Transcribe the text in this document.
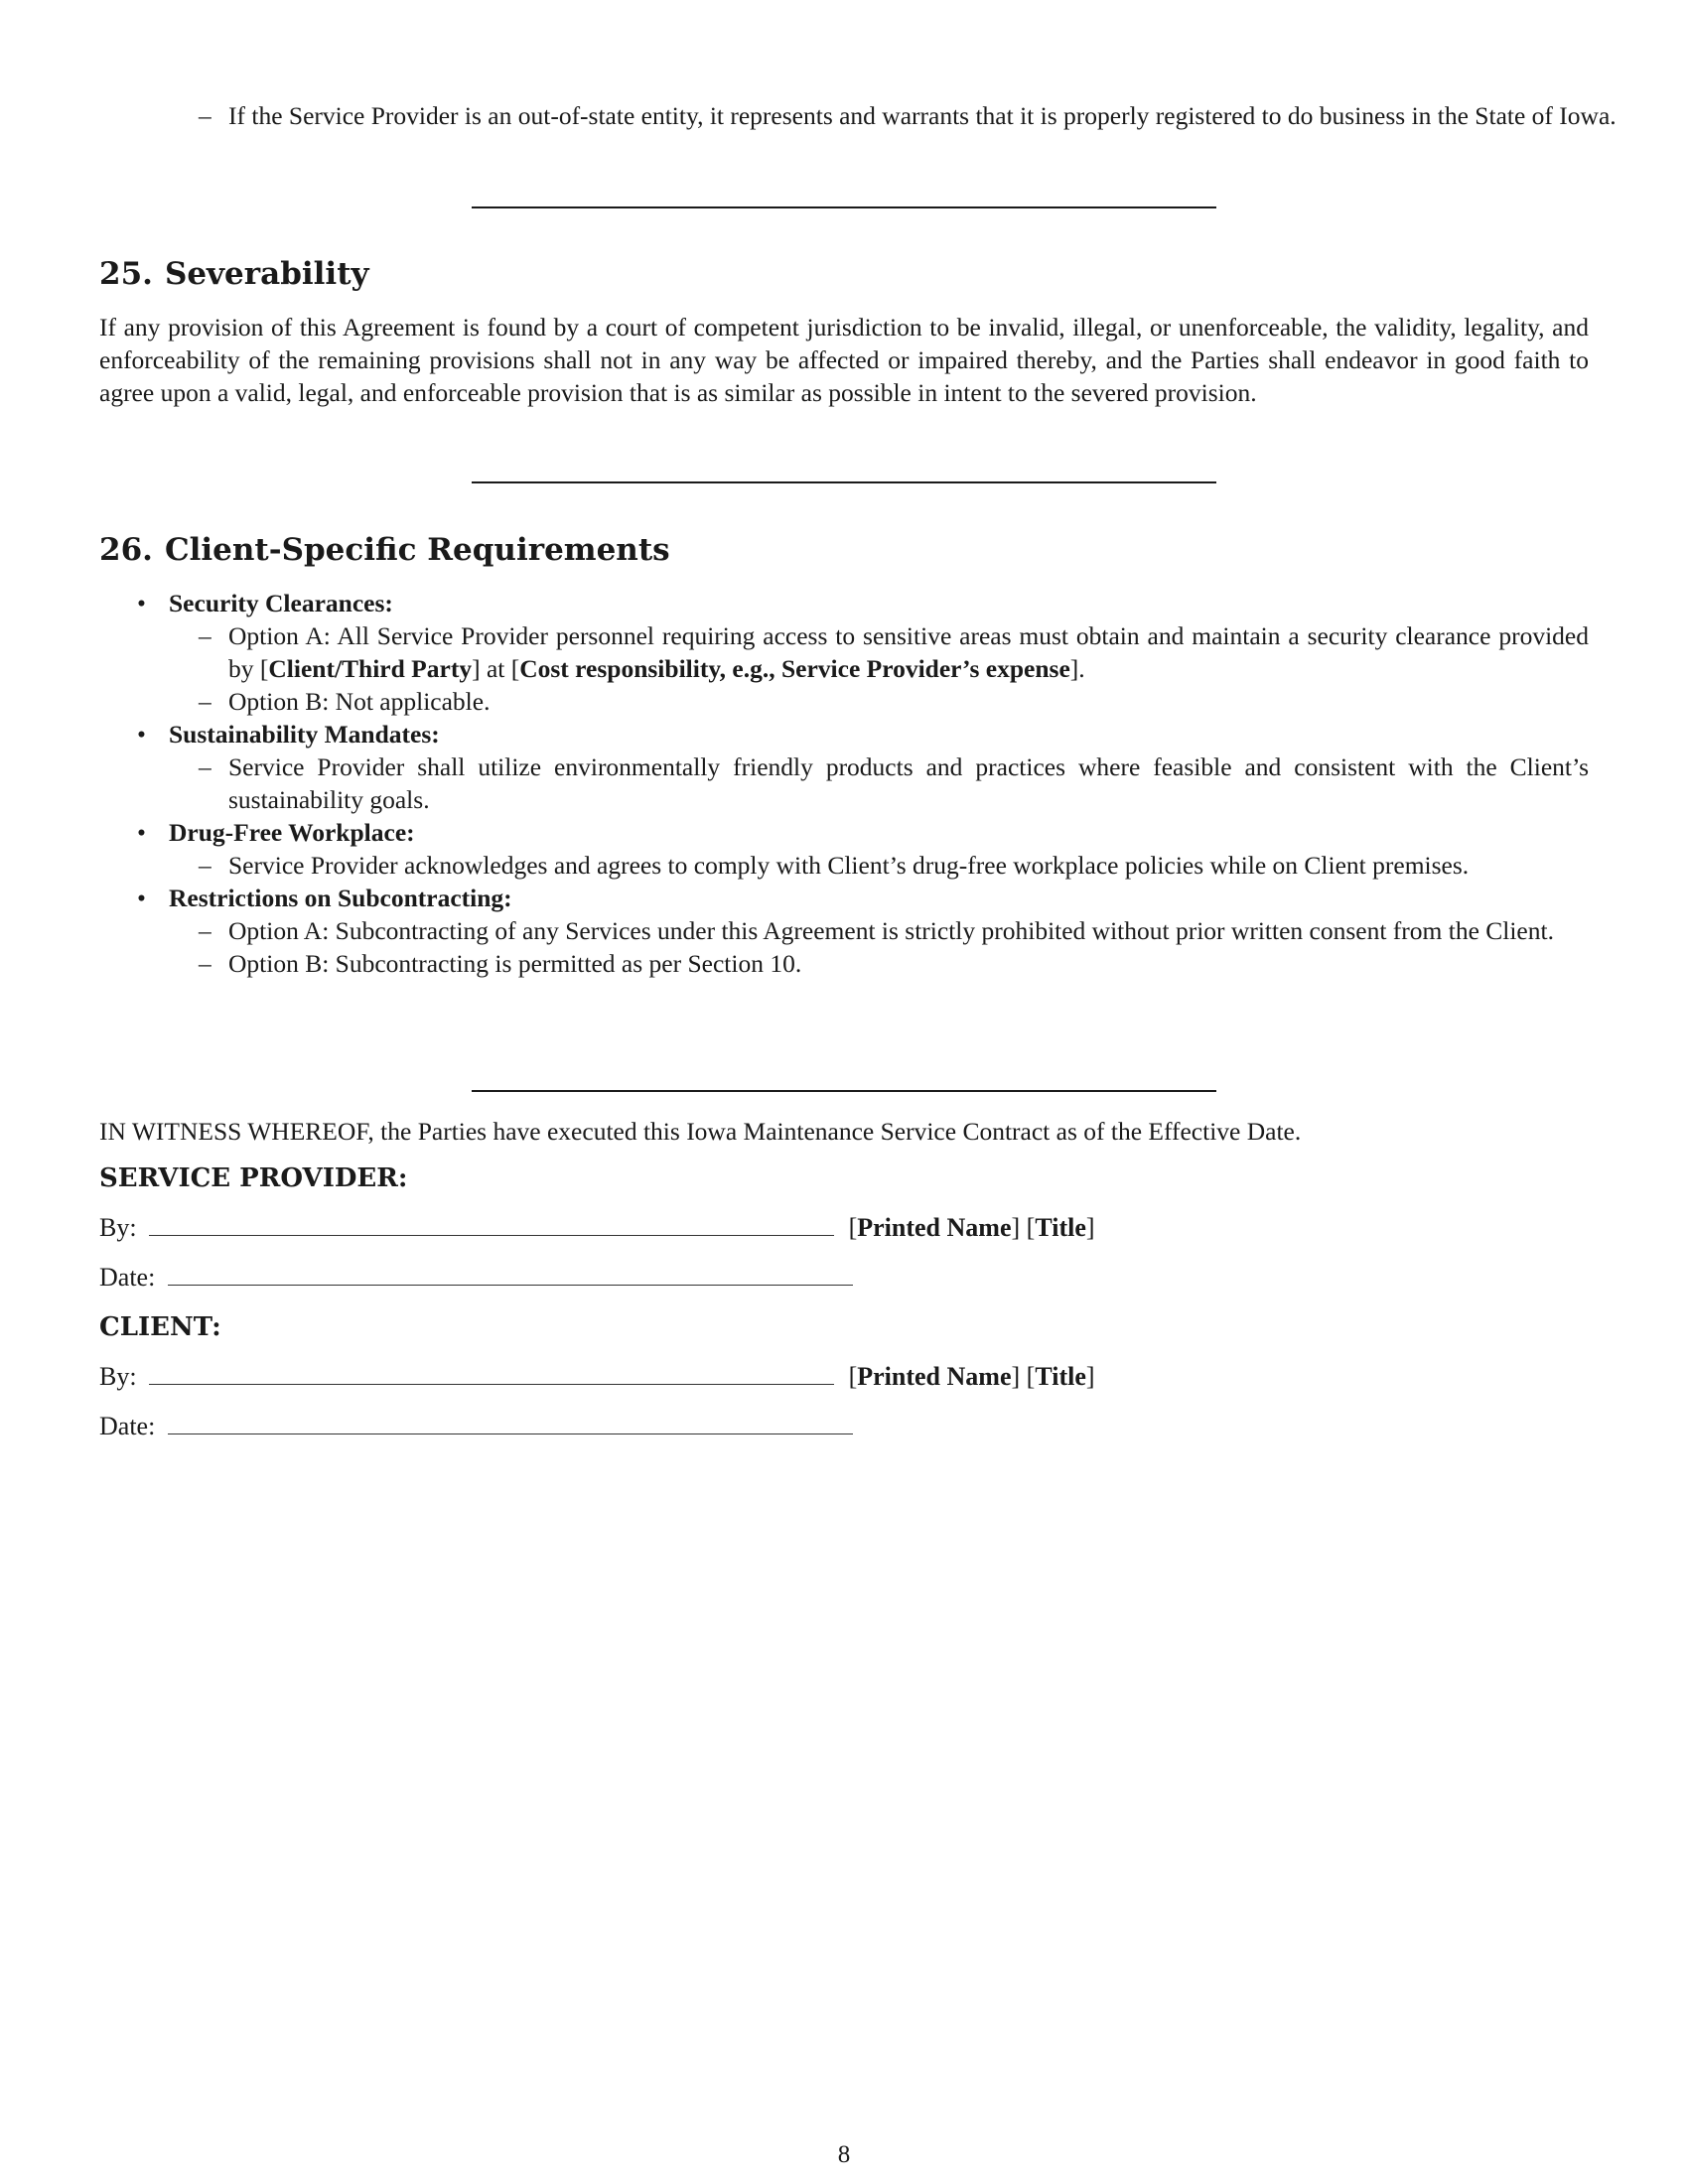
– If the Service Provider is an out-of-state entity, it represents and warrants that it is properly registered to do business in the State of Iowa.
25. Severability

If any provision of this Agreement is found by a court of competent jurisdiction to be invalid, illegal, or unenforceable, the validity, legality, and enforceability of the remaining provisions shall not in any way be affected or impaired thereby, and the Parties shall endeavor in good faith to agree upon a valid, legal, and enforceable provision that is as similar as possible in intent to the severed provision.

26. Client-Specific Requirements
• Security Clearances:
– Option A: All Service Provider personnel requiring access to sensitive areas must obtain and maintain a security clearance provided by [Client/Third Party] at [Cost responsibility, e.g., Service Provider’s expense].
– Option B: Not applicable.
• Sustainability Mandates:
– Service Provider shall utilize environmentally friendly products and practices where feasible and consistent with the Client’s sustainability goals.
• Drug-Free Workplace:
– Service Provider acknowledges and agrees to comply with Client’s drug-free workplace policies while on Client premises.
• Restrictions on Subcontracting:
– Option A: Subcontracting of any Services under this Agreement is strictly prohibited without prior written consent from the Client.
– Option B: Subcontracting is permitted as per Section 10.

IN WITNESS WHEREOF, the Parties have executed this Iowa Maintenance Service Contract as of the Effective Date.

SERVICE PROVIDER:
By:	[Printed Name] [Title]
Date:
CLIENT:
By:	[Printed Name] [Title]
Date:
8
